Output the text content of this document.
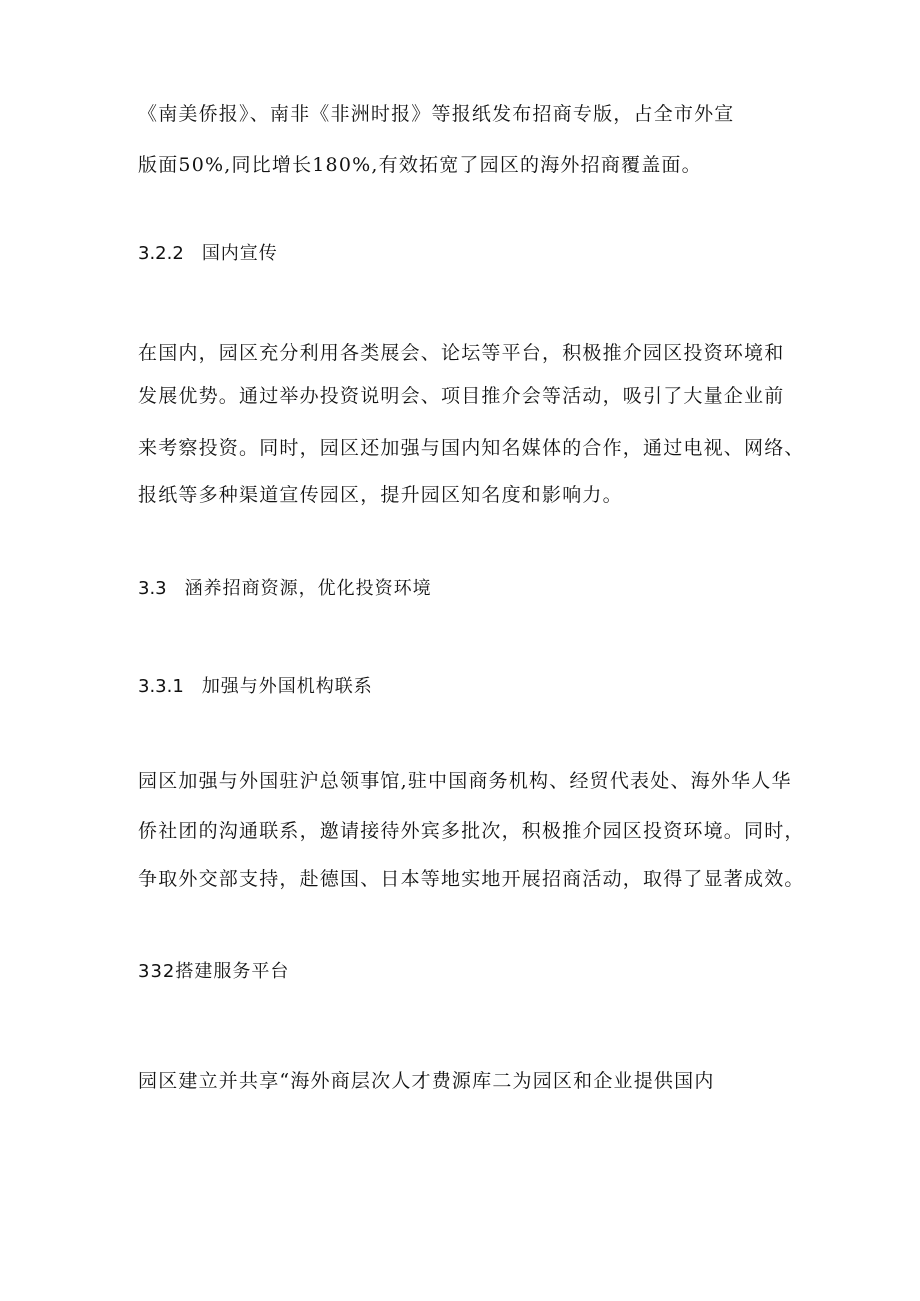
《南美侨报》、南非《非洲时报》等报纸发布招商专版，占全市外宣
版面50%,同比增长180%,有效拓宽了园区的海外招商覆盖面。
3.2.2 国内宣传
在国内，园区充分利用各类展会、论坛等平台，积极推介园区投资环境和
发展优势。通过举办投资说明会、项目推介会等活动，吸引了大量企业前
来考察投资。同时，园区还加强与国内知名媒体的合作，通过电视、网络、
报纸等多种渠道宣传园区，提升园区知名度和影响力。
3.3 涵养招商资源，优化投资环境
3.3.1 加强与外国机构联系
园区加强与外国驻沪总领事馆,驻中国商务机构、经贸代表处、海外华人华
侨社团的沟通联系，邀请接待外宾多批次，积极推介园区投资环境。同时，
争取外交部支持，赴德国、日本等地实地开展招商活动，取得了显著成效。
332搭建服务平台
园区建立并共享“海外商层次人才费源库二为园区和企业提供国内
